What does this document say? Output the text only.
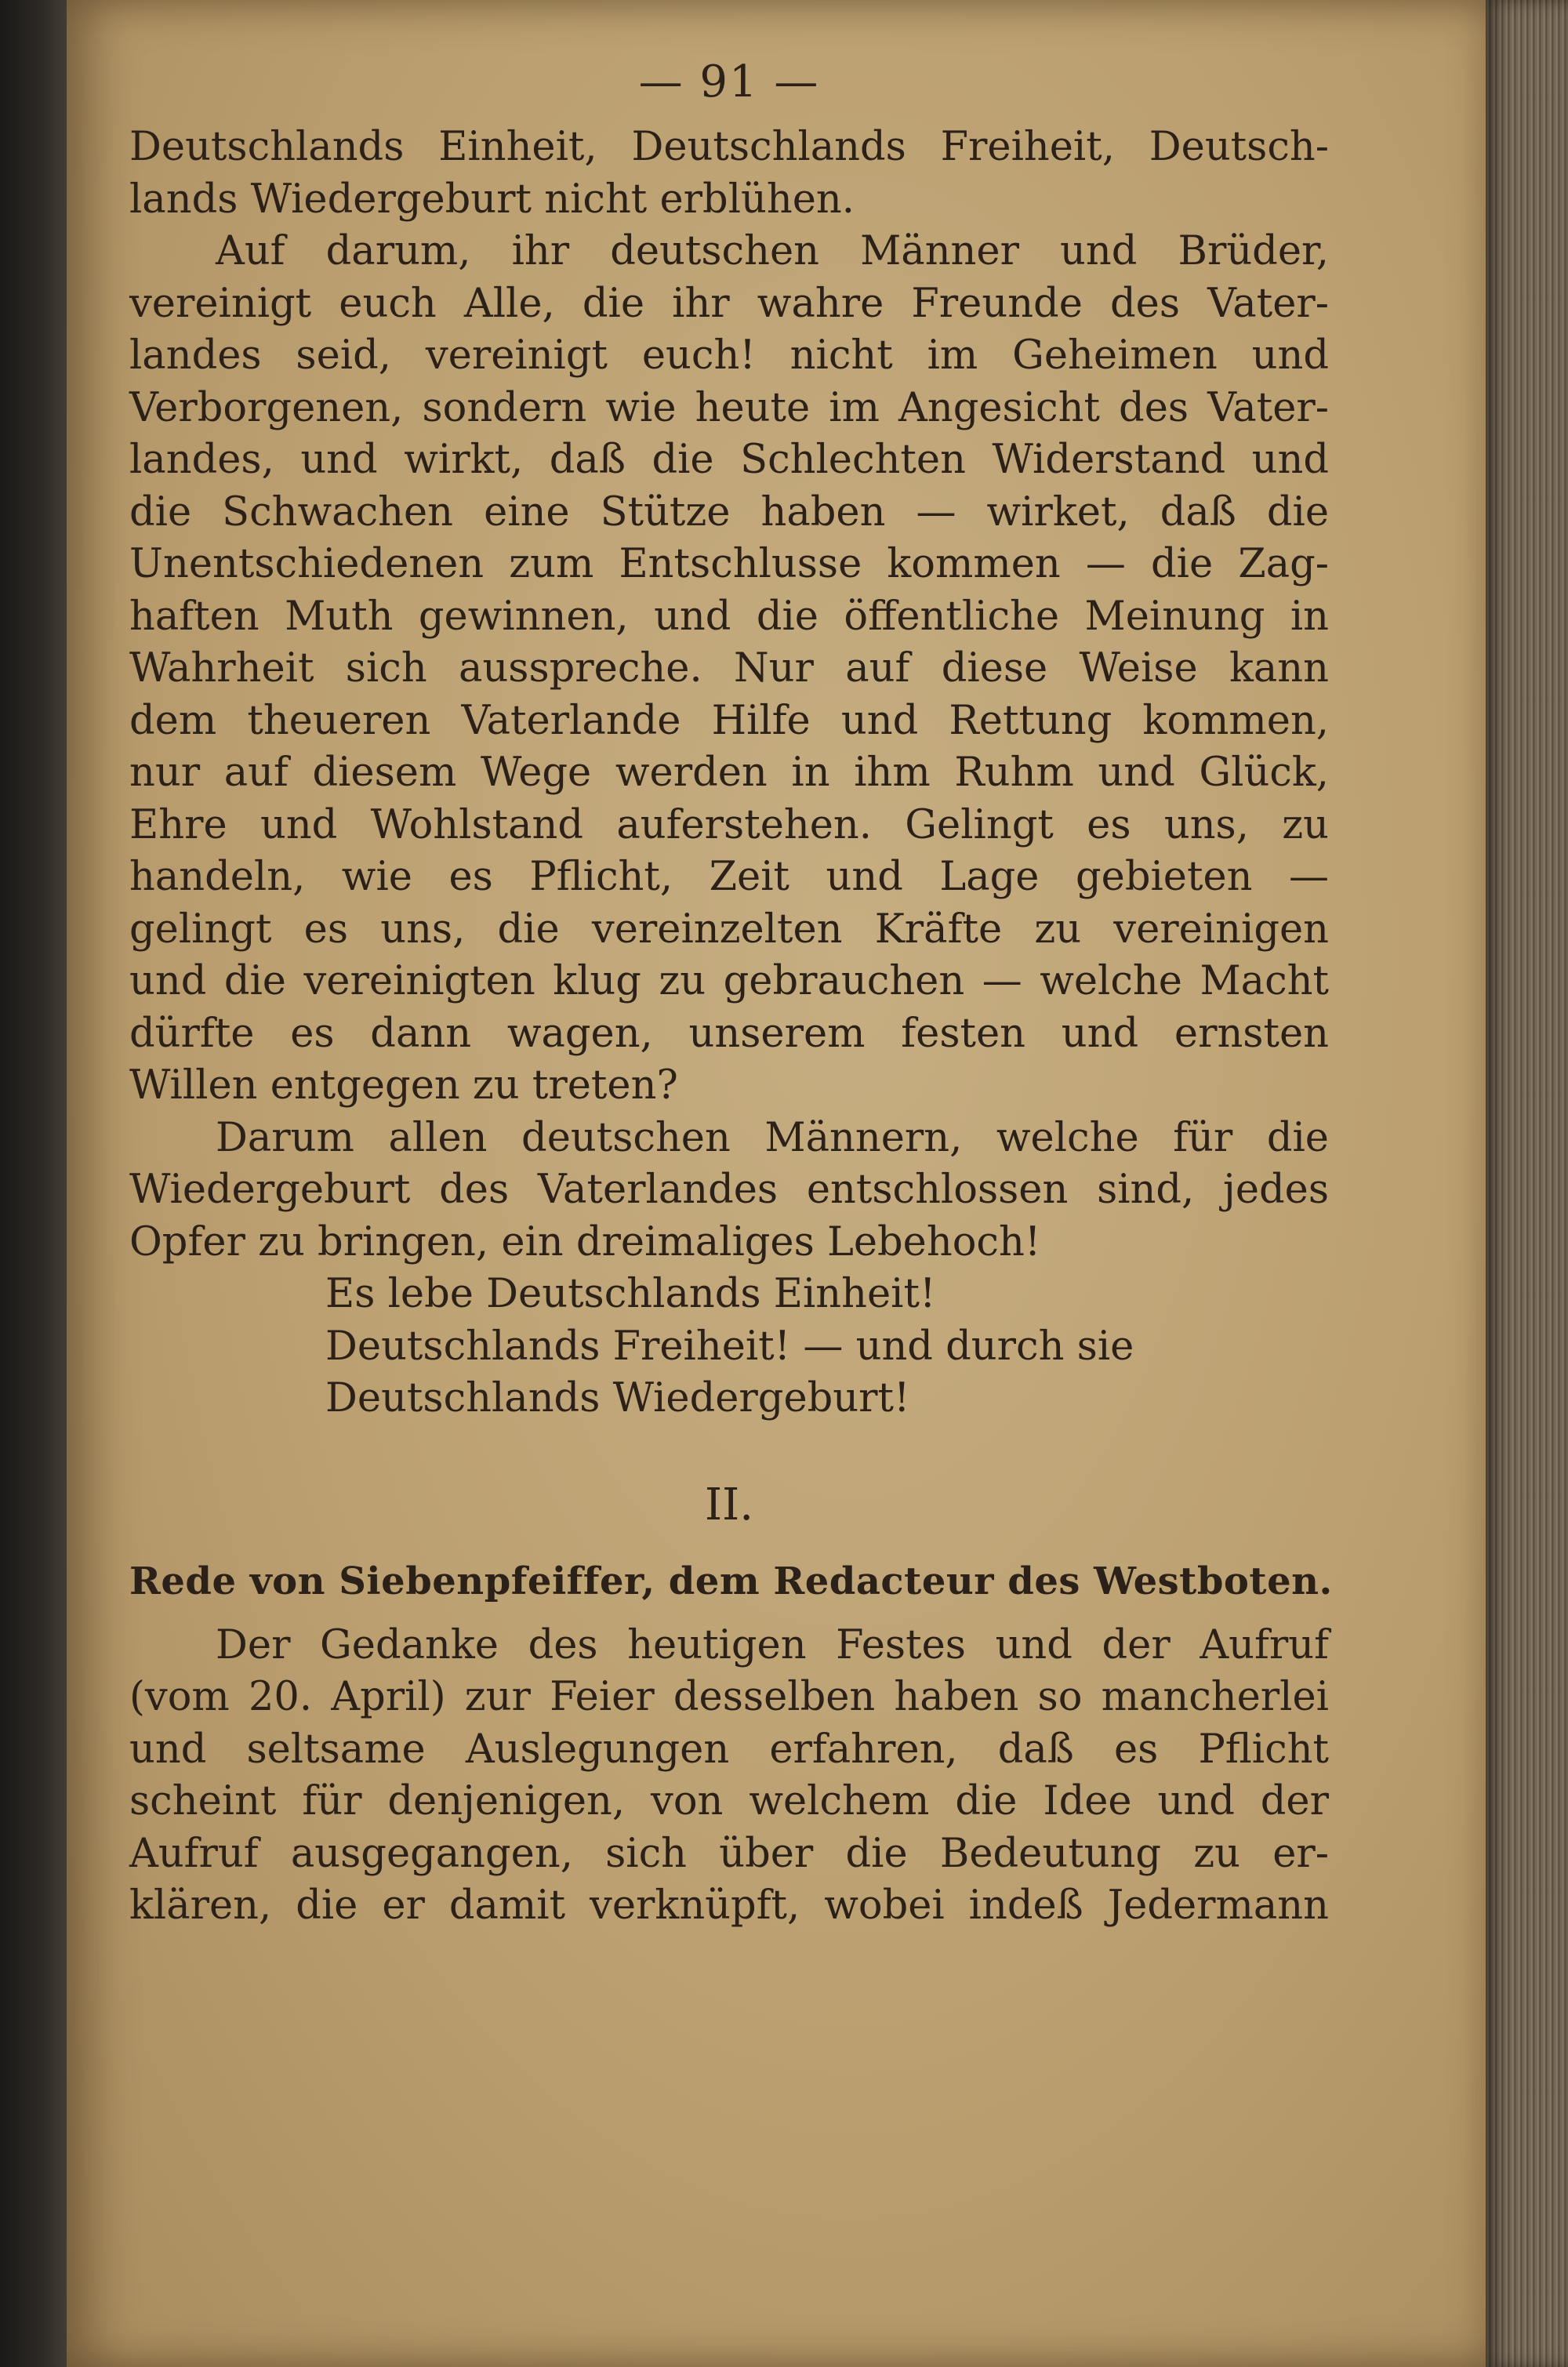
— 91 —
Deutschlands Einheit, Deutschlands Freiheit, Deutsch-
lands Wiedergeburt nicht erblühen.
Auf darum, ihr deutschen Männer und Brüder,
vereinigt euch Alle, die ihr wahre Freunde des Vater-
landes seid, vereinigt euch! nicht im Geheimen und
Verborgenen, sondern wie heute im Angesicht des Vater-
landes, und wirkt, daß die Schlechten Widerstand und
die Schwachen eine Stütze haben — wirket, daß die
Unentschiedenen zum Entschlusse kommen — die Zag-
haften Muth gewinnen, und die öffentliche Meinung in
Wahrheit sich ausspreche. Nur auf diese Weise kann
dem theueren Vaterlande Hilfe und Rettung kommen,
nur auf diesem Wege werden in ihm Ruhm und Glück,
Ehre und Wohlstand auferstehen. Gelingt es uns, zu
handeln, wie es Pflicht, Zeit und Lage gebieten —
gelingt es uns, die vereinzelten Kräfte zu vereinigen
und die vereinigten klug zu gebrauchen — welche Macht
dürfte es dann wagen, unserem festen und ernsten
Willen entgegen zu treten?
Darum allen deutschen Männern, welche für die
Wiedergeburt des Vaterlandes entschlossen sind, jedes
Opfer zu bringen, ein dreimaliges Lebehoch!
Es lebe Deutschlands Einheit!
Deutschlands Freiheit! — und durch sie
Deutschlands Wiedergeburt!
II.
Rede von Siebenpfeiffer, dem Redacteur des Westboten.
Der Gedanke des heutigen Festes und der Aufruf
(vom 20. April) zur Feier desselben haben so mancherlei
und seltsame Auslegungen erfahren, daß es Pflicht
scheint für denjenigen, von welchem die Idee und der
Aufruf ausgegangen, sich über die Bedeutung zu er-
klären, die er damit verknüpft, wobei indeß Jedermann
